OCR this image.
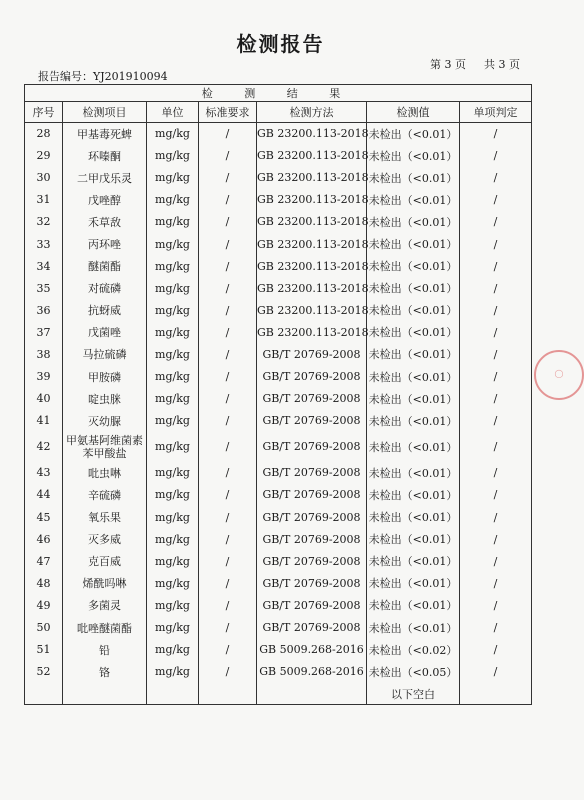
检测报告
第 3 页 共 3 页
报告编号：YJ201910094
检 测 结 果						
序号	检测项目	单位	标准要求	检测方法	检测值	单项判定
28	甲基毒死蜱	mg/kg	/	GB 23200.113-2018	未检出（<0.01）	/
29	环嗪酮	mg/kg	/	GB 23200.113-2018	未检出（<0.01）	/
30	二甲戊乐灵	mg/kg	/	GB 23200.113-2018	未检出（<0.01）	/
31	戊唑醇	mg/kg	/	GB 23200.113-2018	未检出（<0.01）	/
32	禾草敌	mg/kg	/	GB 23200.113-2018	未检出（<0.01）	/
33	丙环唑	mg/kg	/	GB 23200.113-2018	未检出（<0.01）	/
34	醚菌酯	mg/kg	/	GB 23200.113-2018	未检出（<0.01）	/
35	对硫磷	mg/kg	/	GB 23200.113-2018	未检出（<0.01）	/
36	抗蚜威	mg/kg	/	GB 23200.113-2018	未检出（<0.01）	/
37	戊菌唑	mg/kg	/	GB 23200.113-2018	未检出（<0.01）	/
38	马拉硫磷	mg/kg	/	GB/T 20769-2008	未检出（<0.01）	/
39	甲胺磷	mg/kg	/	GB/T 20769-2008	未检出（<0.01）	/
40	啶虫脒	mg/kg	/	GB/T 20769-2008	未检出（<0.01）	/
41	灭幼脲	mg/kg	/	GB/T 20769-2008	未检出（<0.01）	/
42	甲氨基阿维菌素苯甲酸盐	mg/kg	/	GB/T 20769-2008	未检出（<0.01）	/
43	吡虫啉	mg/kg	/	GB/T 20769-2008	未检出（<0.01）	/
44	辛硫磷	mg/kg	/	GB/T 20769-2008	未检出（<0.01）	/
45	氧乐果	mg/kg	/	GB/T 20769-2008	未检出（<0.01）	/
46	灭多威	mg/kg	/	GB/T 20769-2008	未检出（<0.01）	/
47	克百威	mg/kg	/	GB/T 20769-2008	未检出（<0.01）	/
48	烯酰吗啉	mg/kg	/	GB/T 20769-2008	未检出（<0.01）	/
49	多菌灵	mg/kg	/	GB/T 20769-2008	未检出（<0.01）	/
50	吡唑醚菌酯	mg/kg	/	GB/T 20769-2008	未检出（<0.01）	/
51	铅	mg/kg	/	GB 5009.268-2016	未检出（<0.02）	/
52	铬	mg/kg	/	GB 5009.268-2016	未检出（<0.05）	/
					以下空白	
◯
